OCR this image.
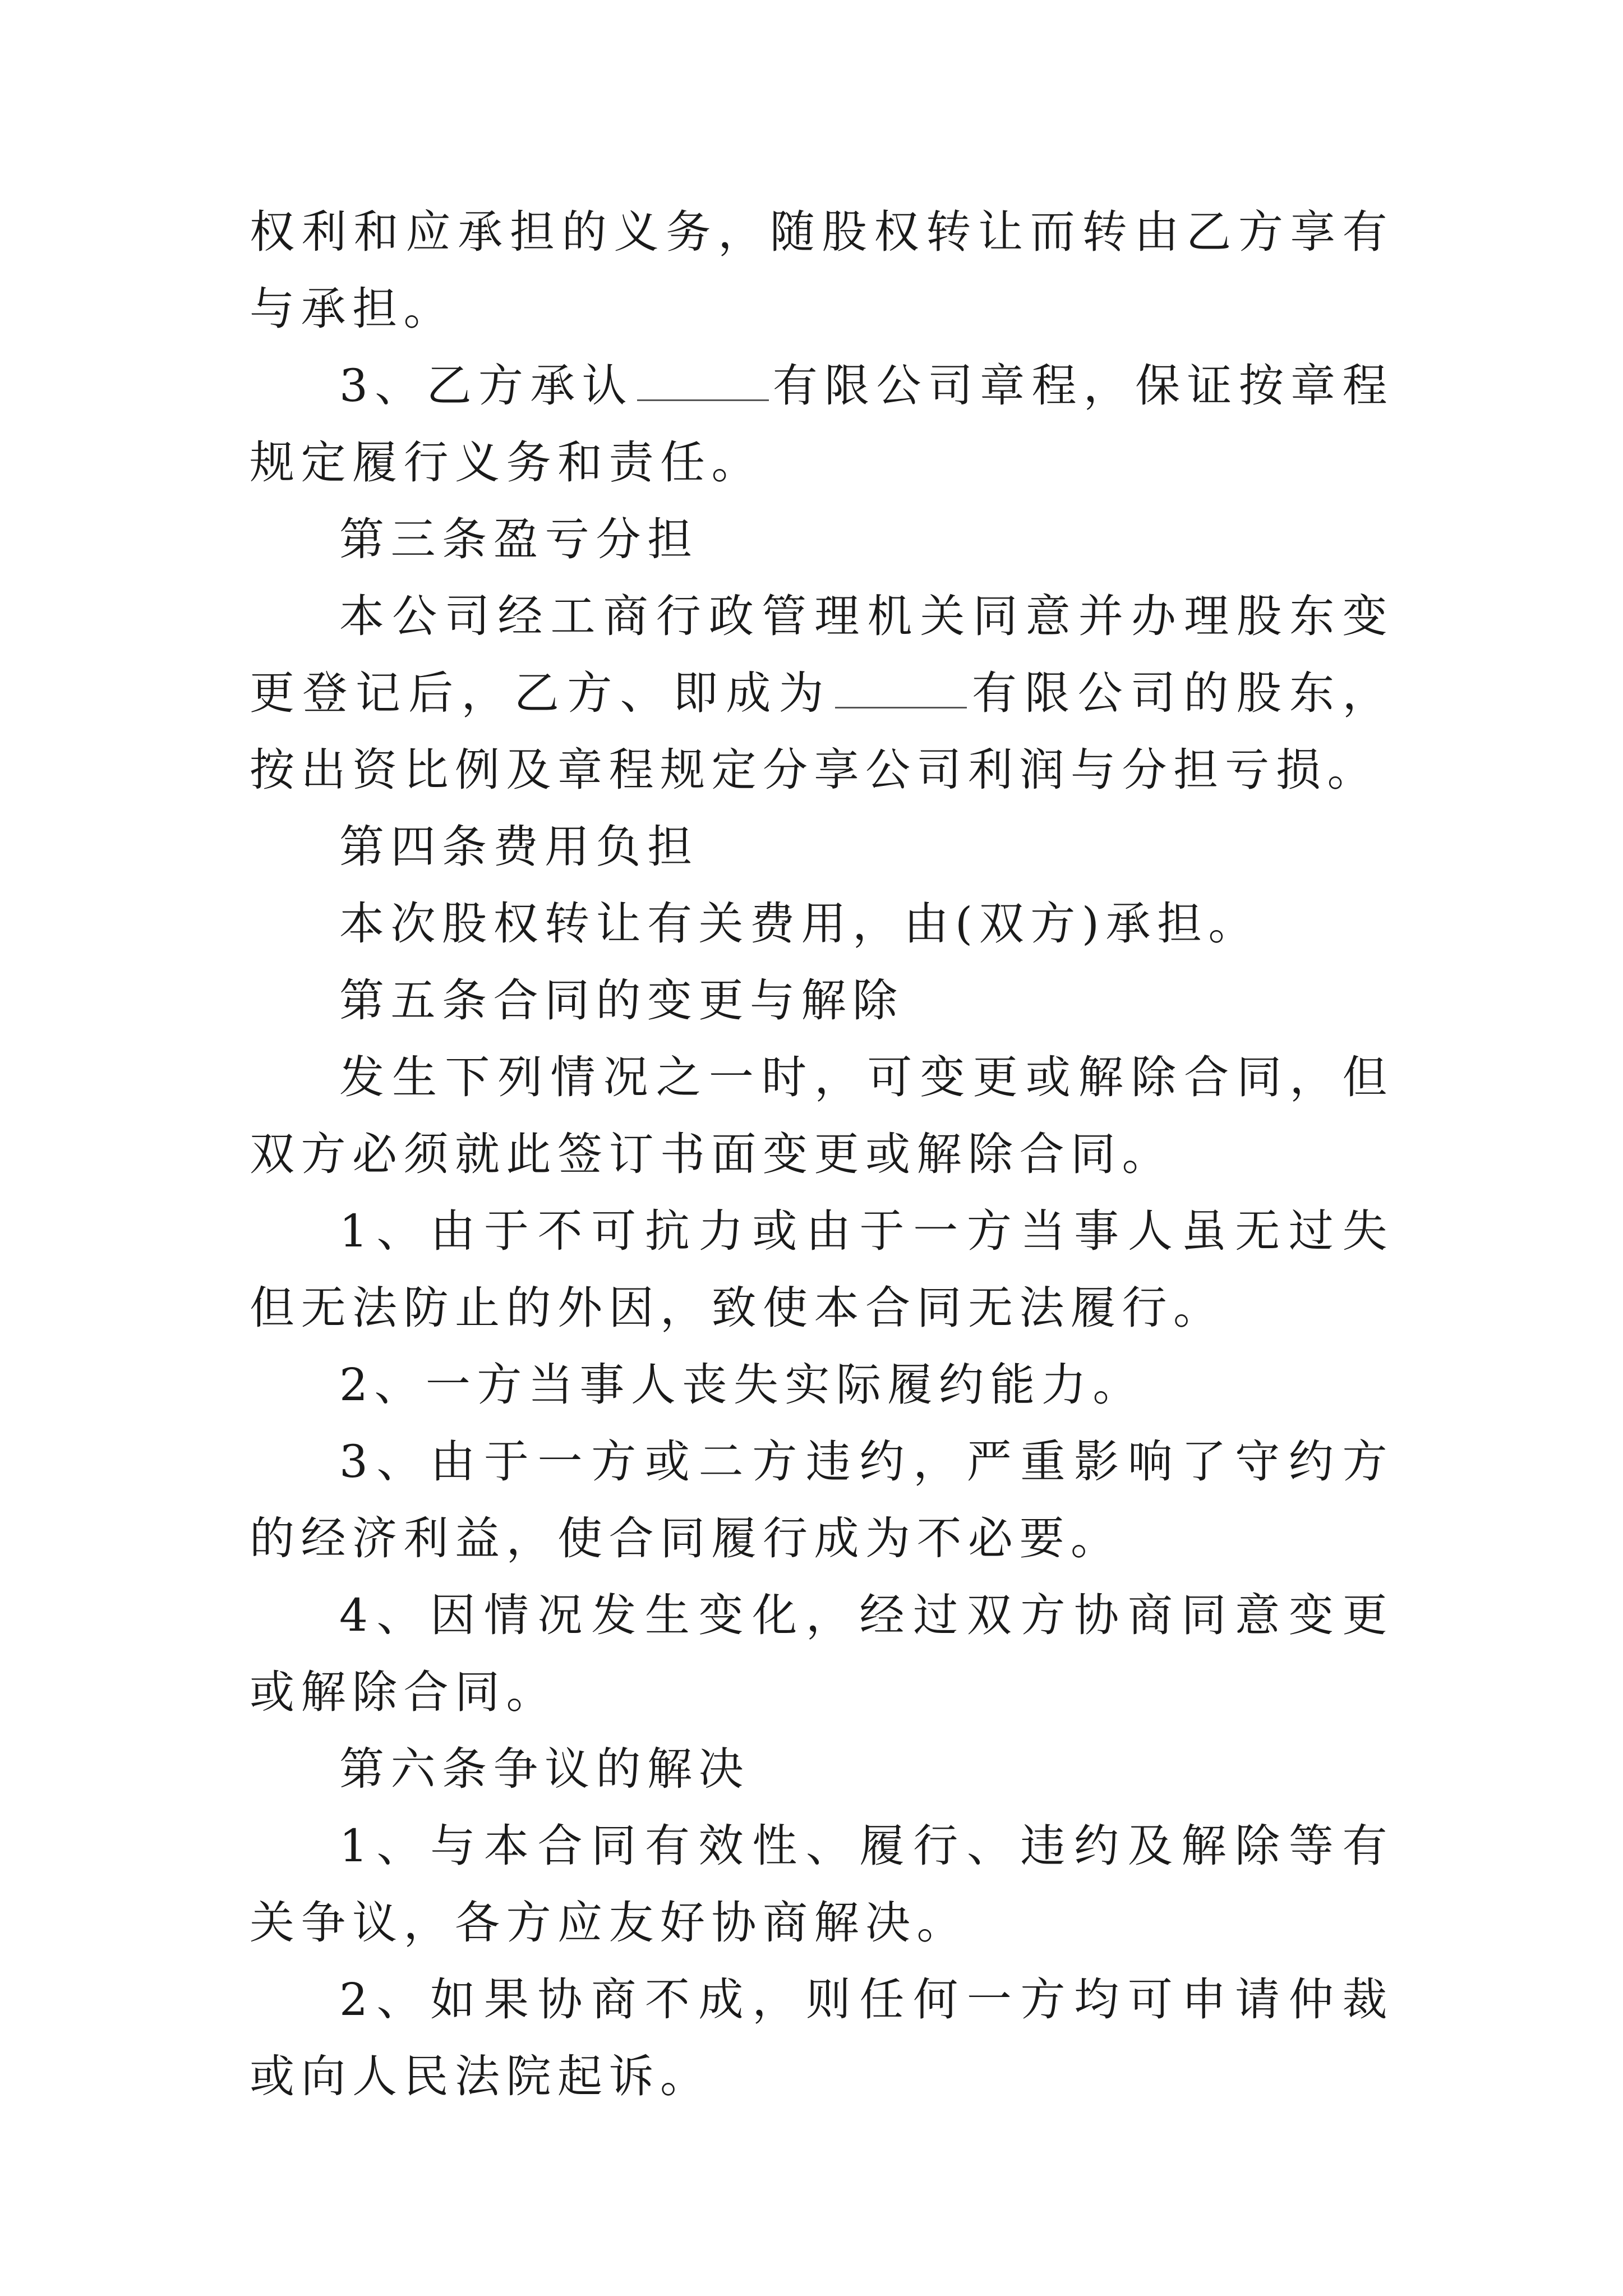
权利和应承担的义务，随股权转让而转由乙方享有与承担。

3、乙方承认	有限公司章程，保证按章程规定履行义务和责任。

第三条盈亏分担

本公司经工商行政管理机关同意并办理股东变更登记后，乙方、即成为	有限公司的股东，按出资比例及章程规定分享公司利润与分担亏损。

第四条费用负担

本次股权转让有关费用，由(双方)承担。

第五条合同的变更与解除

发生下列情况之一时，可变更或解除合同，但双方必须就此签订书面变更或解除合同。

1、由于不可抗力或由于一方当事人虽无过失但无法防止的外因，致使本合同无法履行。

2、一方当事人丧失实际履约能力。

3、由于一方或二方违约，严重影响了守约方的经济利益，使合同履行成为不必要。

4、因情况发生变化，经过双方协商同意变更或解除合同。

第六条争议的解决

1、与本合同有效性、履行、违约及解除等有关争议，各方应友好协商解决。

2、如果协商不成，则任何一方均可申请仲裁或向人民法院起诉。
